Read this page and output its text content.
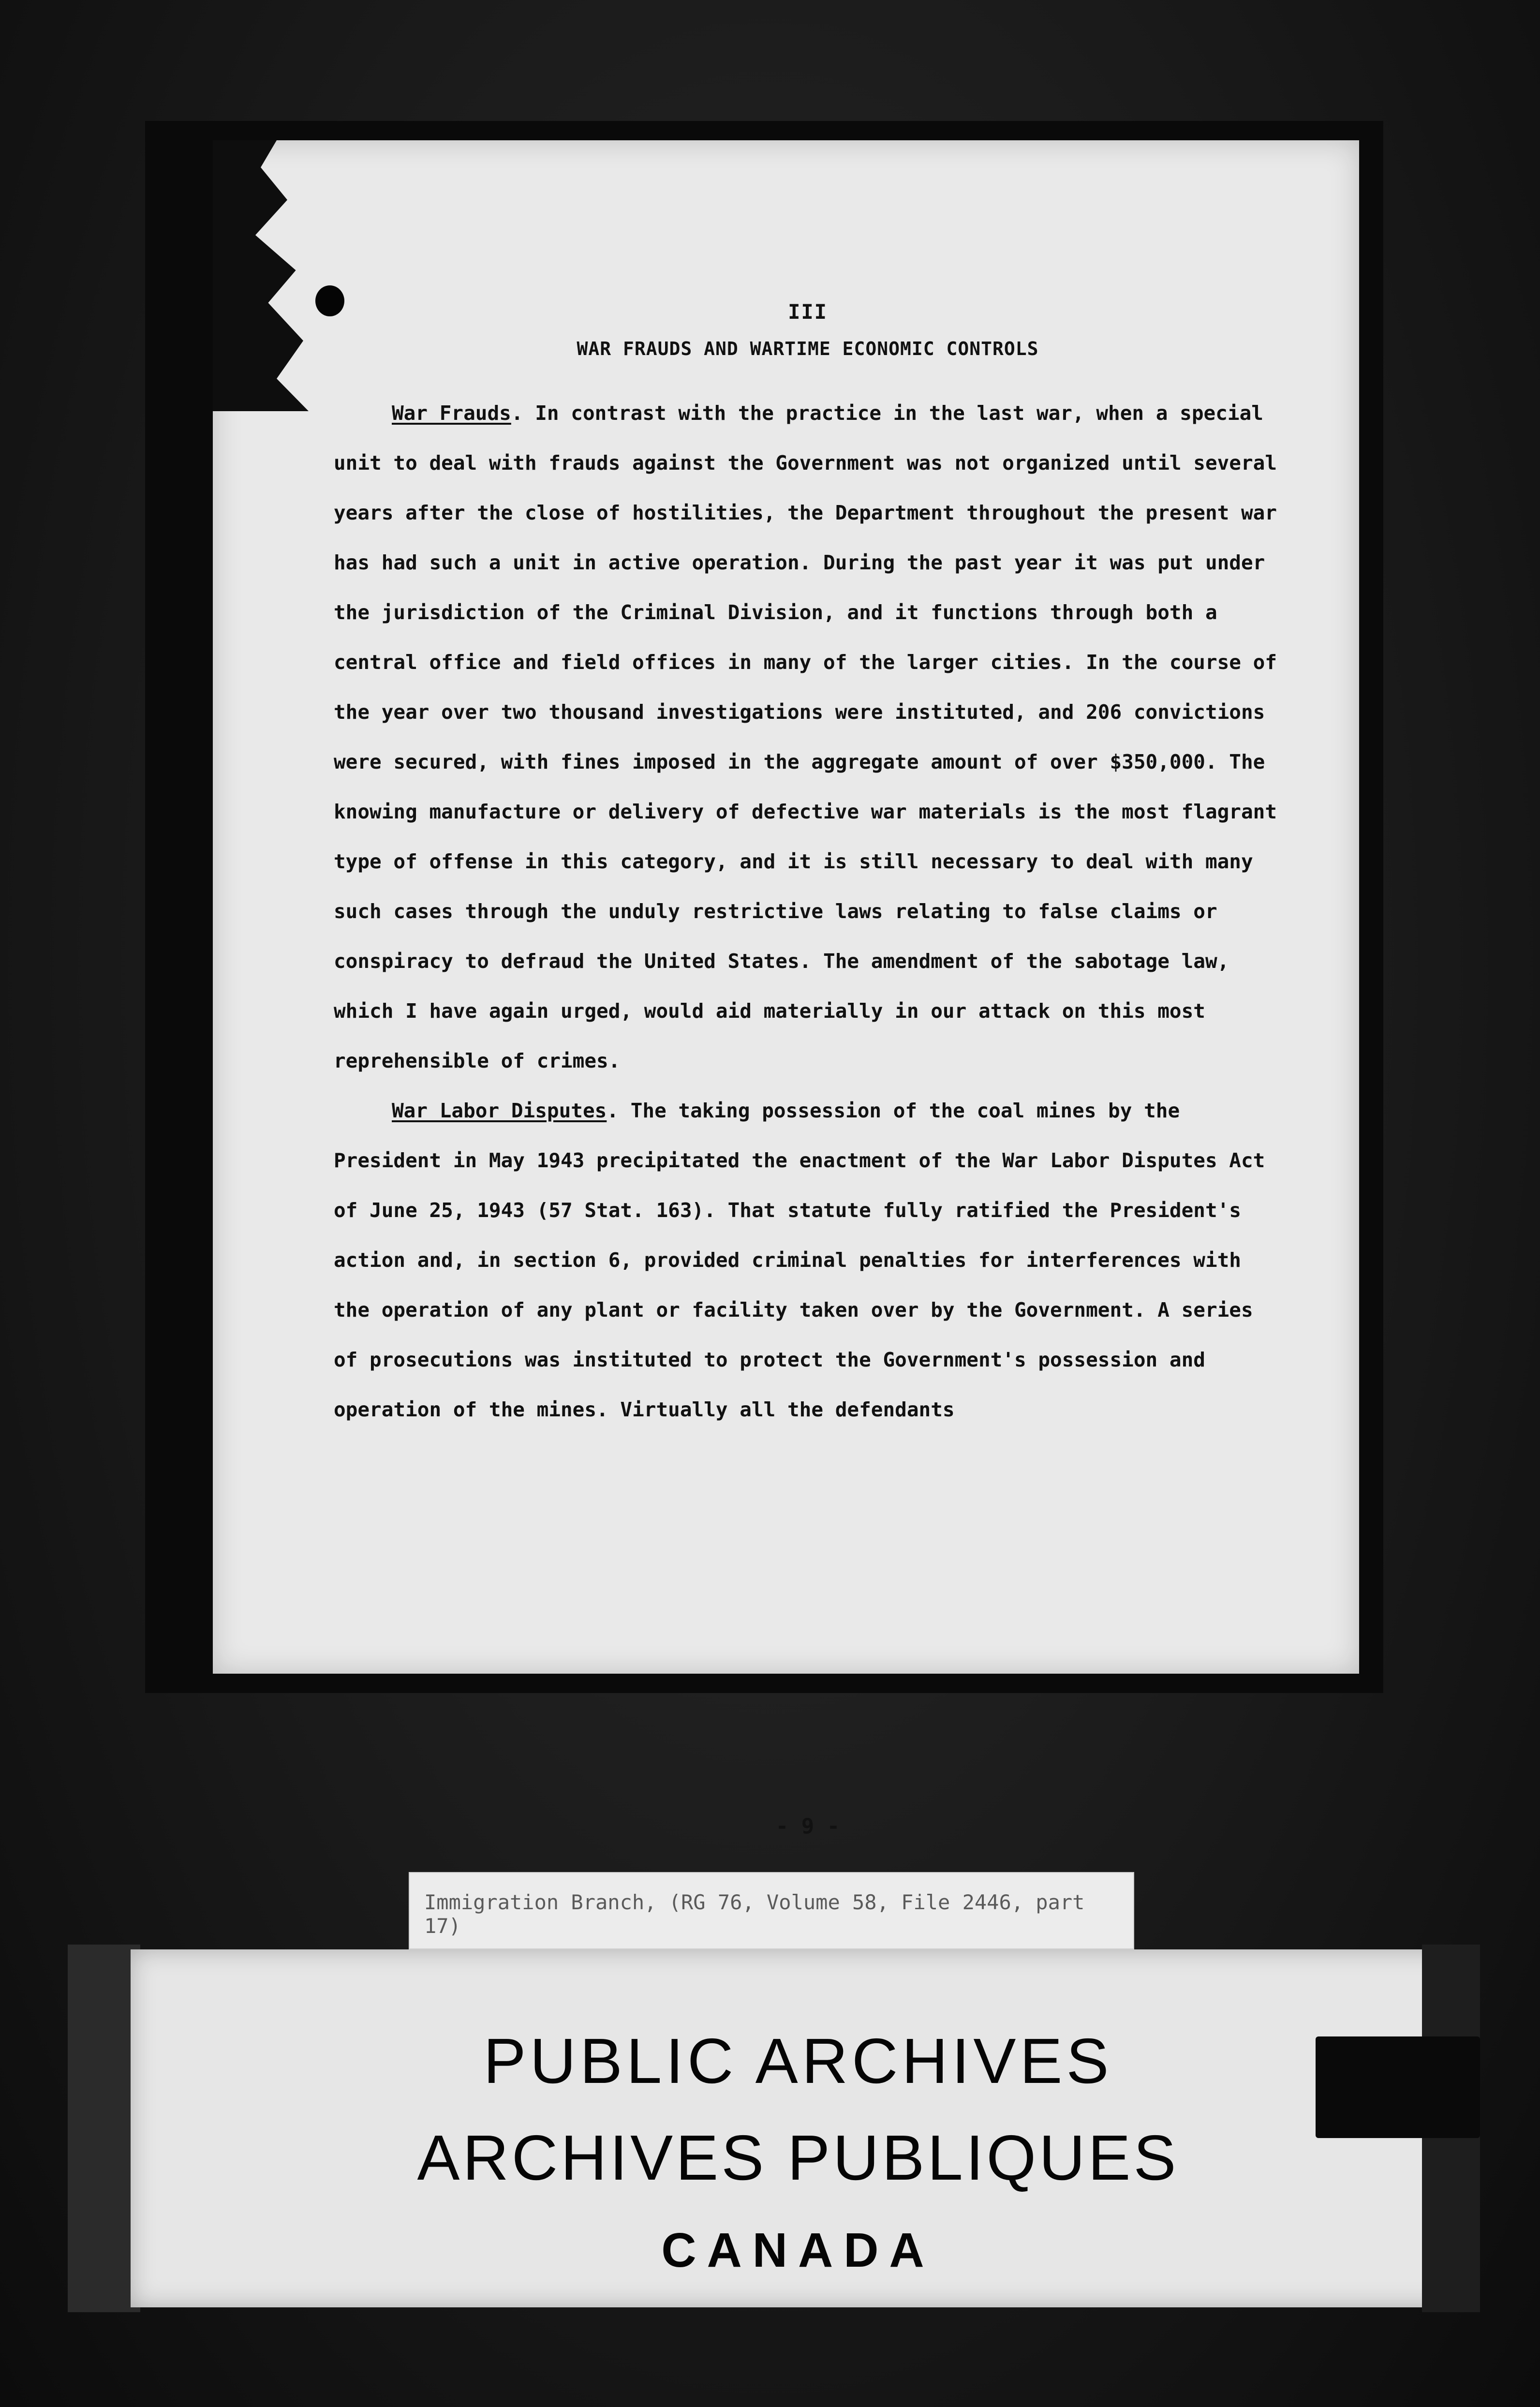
III

WAR FRAUDS AND WARTIME ECONOMIC CONTROLS

War Frauds. In contrast with the practice in the last war, when a special unit to deal with frauds against the Government was not organized until several years after the close of hostilities, the Department throughout the present war has had such a unit in active operation. During the past year it was put under the jurisdiction of the Criminal Division, and it functions through both a central office and field offices in many of the larger cities. In the course of the year over two thousand investigations were instituted, and 206 convictions were secured, with fines imposed in the aggregate amount of over $350,000. The knowing manufacture or delivery of defective war materials is the most flagrant type of offense in this category, and it is still necessary to deal with many such cases through the unduly restrictive laws relating to false claims or conspiracy to defraud the United States. The amendment of the sabotage law, which I have again urged, would aid materially in our attack on this most reprehensible of crimes.

War Labor Disputes. The taking possession of the coal mines by the President in May 1943 precipitated the enactment of the War Labor Disputes Act of June 25, 1943 (57 Stat. 163). That statute fully ratified the President's action and, in section 6, provided criminal penalties for interferences with the operation of any plant or facility taken over by the Government. A series of prosecutions was instituted to protect the Government's possession and operation of the mines. Virtually all the defendants

- 9 -
Immigration Branch, (RG 76, Volume 58, File 2446, part 17)
PUBLIC ARCHIVES
ARCHIVES PUBLIQUES
CANADA
